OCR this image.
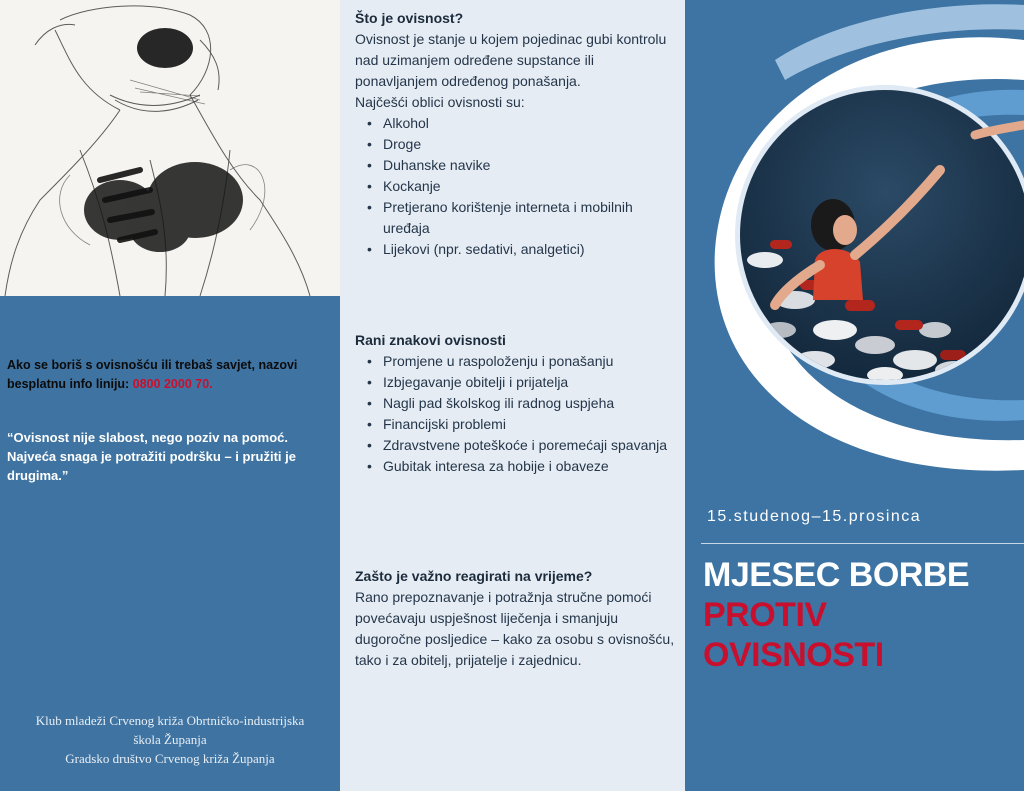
Ako se boriš s ovisnošću ili trebaš savjet, nazovi besplatnu info liniju: 0800 2000 70.

“Ovisnost nije slabost, nego poziv na pomoć. Najveća snaga je potražiti podršku – i pružiti je drugima.”

Klub mladeži Crvenog križa Obrtničko-industrijska
škola Županja
Gradsko društvo Crvenog križa Županja
Što je ovisnost?

Ovisnost je stanje u kojem pojedinac gubi kontrolu nad uzimanjem određene supstance ili ponavljanjem određenog ponašanja.

Najčešći oblici ovisnosti su:

• Alkohol
• Droge
• Duhanske navike
• Kockanje
• Pretjerano korištenje interneta i mobilnih uređaja
• Lijekovi (npr. sedativi, analgetici)
Rani znakovi ovisnosti
• Promjene u raspoloženju i ponašanju
• Izbjegavanje obitelji i prijatelja
• Nagli pad školskog ili radnog uspjeha
• Financijski problemi
• Zdravstvene poteškoće i poremećaji spavanja
• Gubitak interesa za hobije i obaveze
Zašto je važno reagirati na vrijeme?

Rano prepoznavanje i potražnja stručne pomoći povećavaju uspješnost liječenja i smanjuju dugoročne posljedice – kako za osobu s ovisnošću, tako i za obitelj, prijatelje i zajednicu.

15.studenog–15.prosinca
MJESEC BORBE
PROTIV
OVISNOSTI
